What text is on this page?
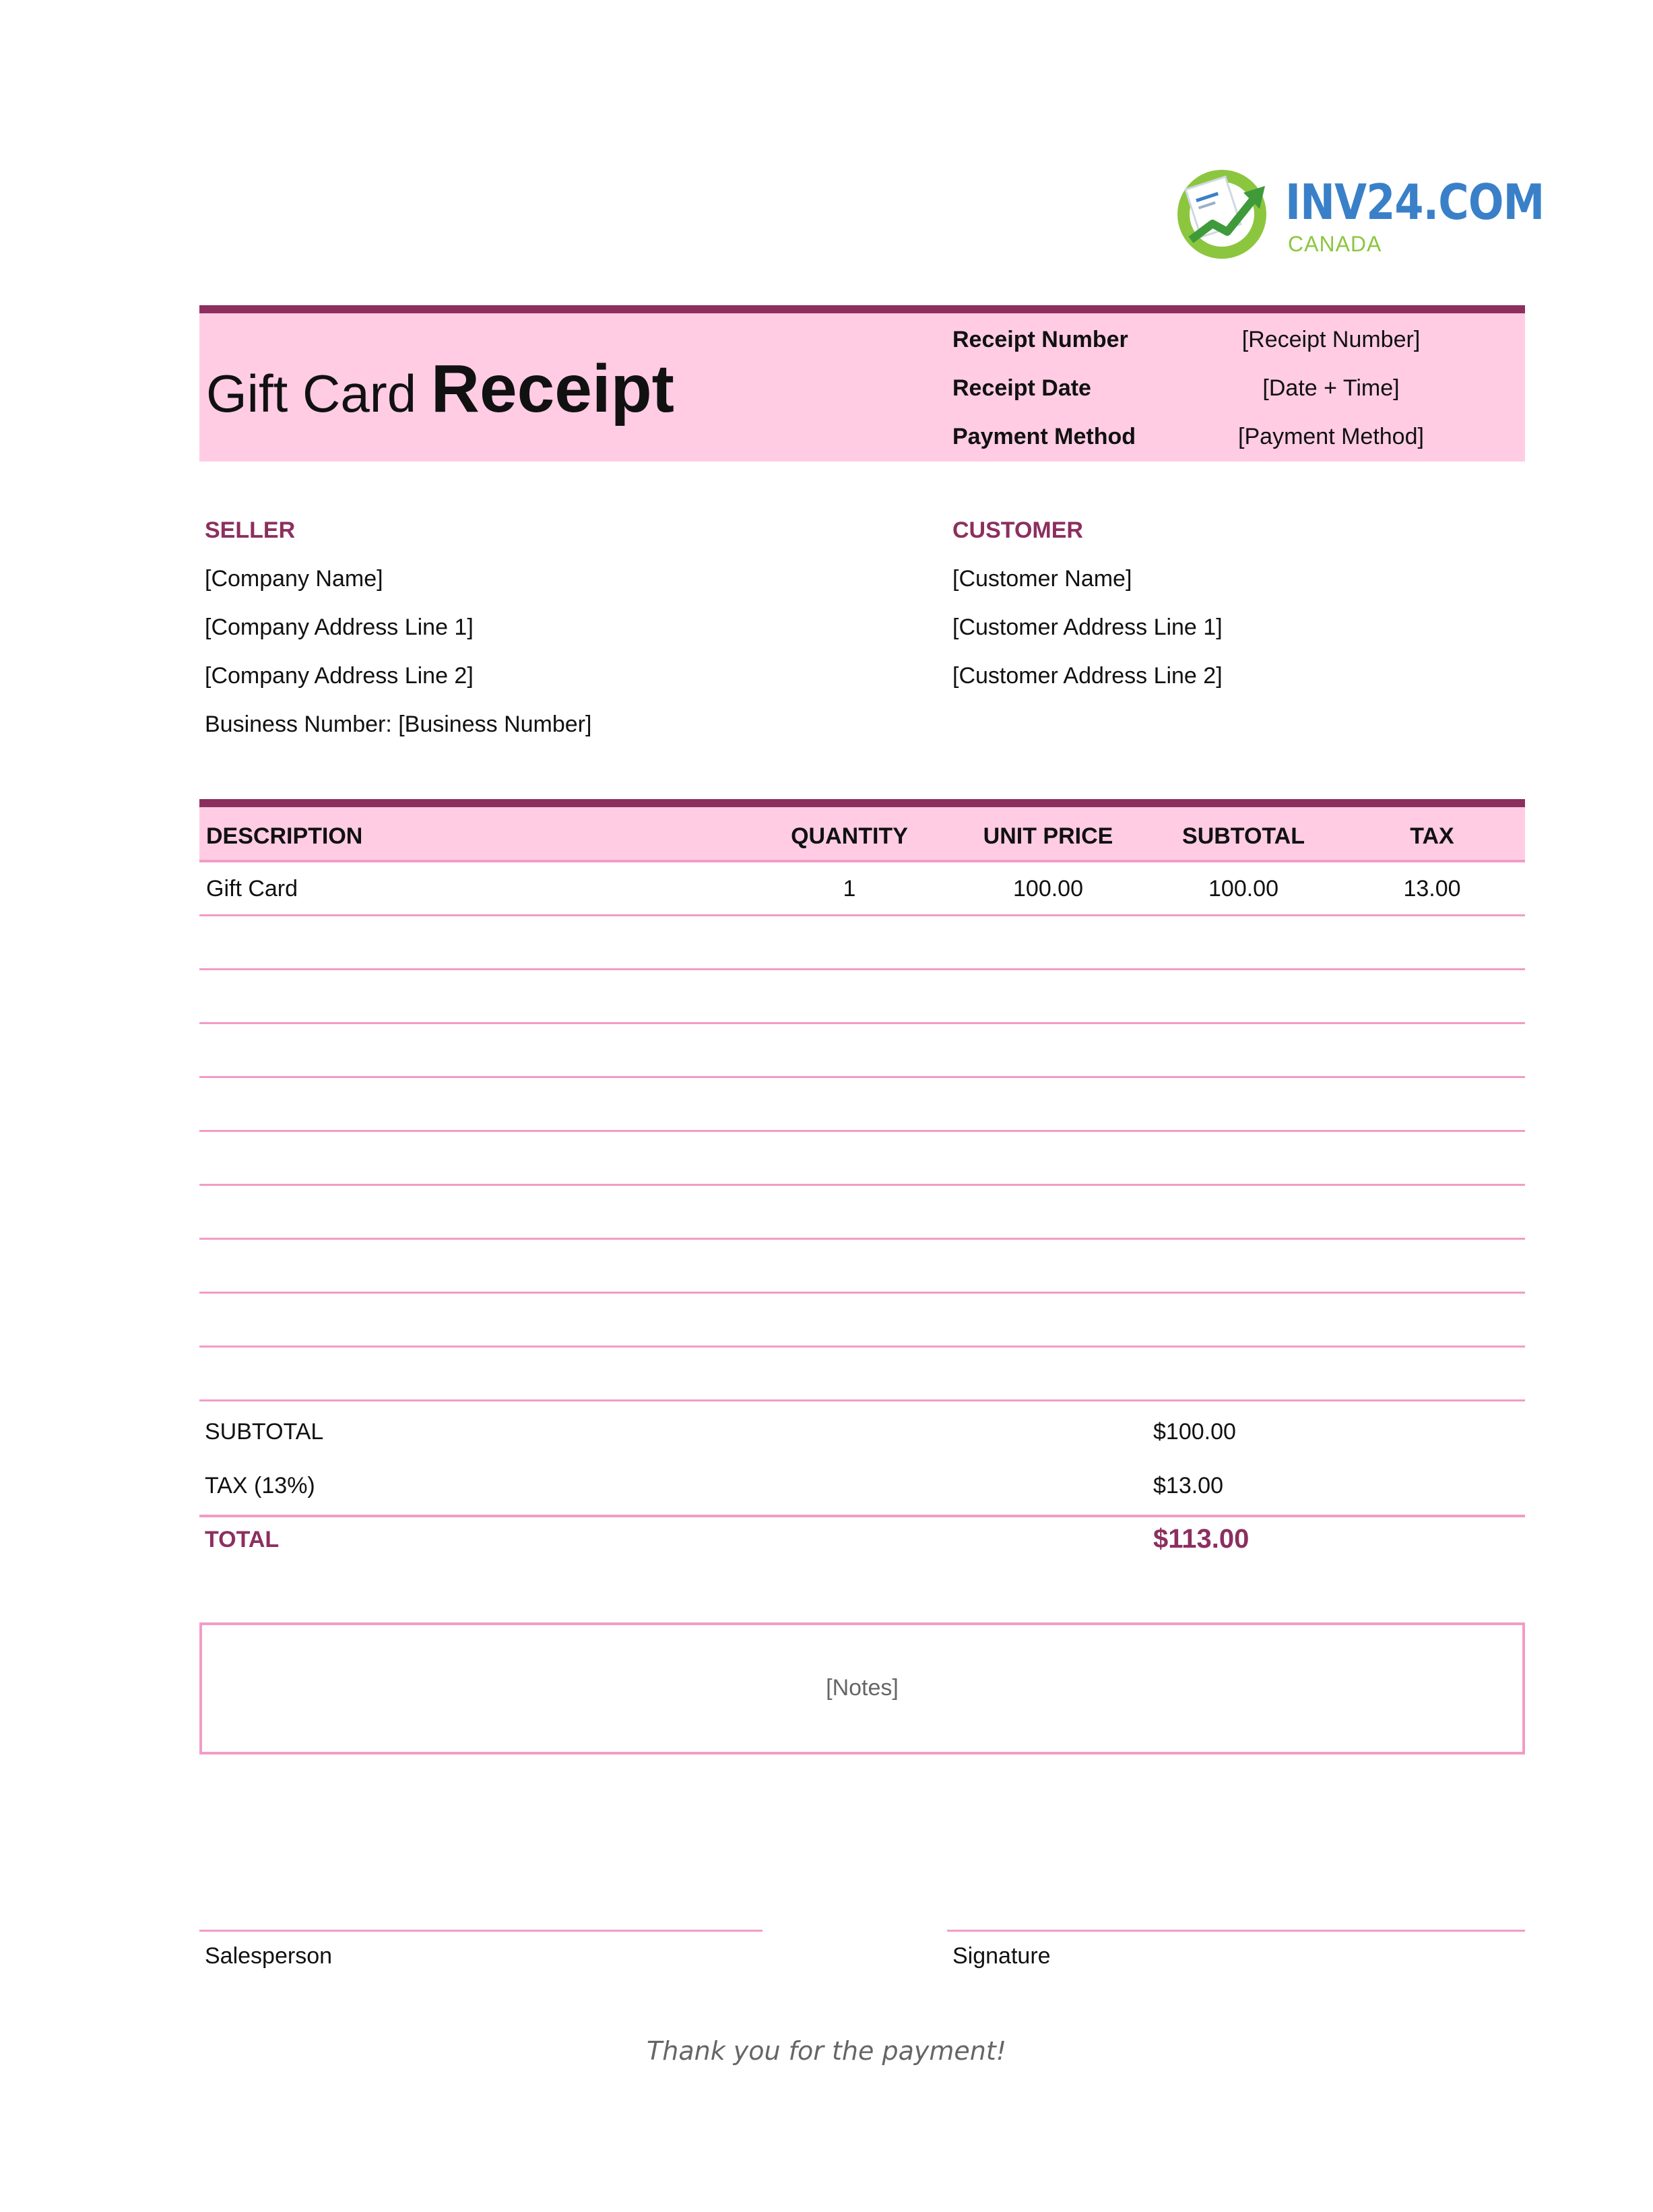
INV24.COM
CANADA
Gift Card Receipt
Receipt Number	[Receipt Number]
Receipt Date	[Date + Time]
Payment Method	[Payment Method]
SELLER
[Company Name]
[Company Address Line 1]
[Company Address Line 2]
Business Number: [Business Number]
CUSTOMER
[Customer Name]
[Customer Address Line 1]
[Customer Address Line 2]
DESCRIPTION	QUANTITY	UNIT PRICE	SUBTOTAL	TAX
Gift Card	1	100.00	100.00	13.00
SUBTOTAL	$100.00
TAX (13%)	$13.00
TOTAL	$113.00
[Notes]
Salesperson	Signature
Thank you for the payment!
